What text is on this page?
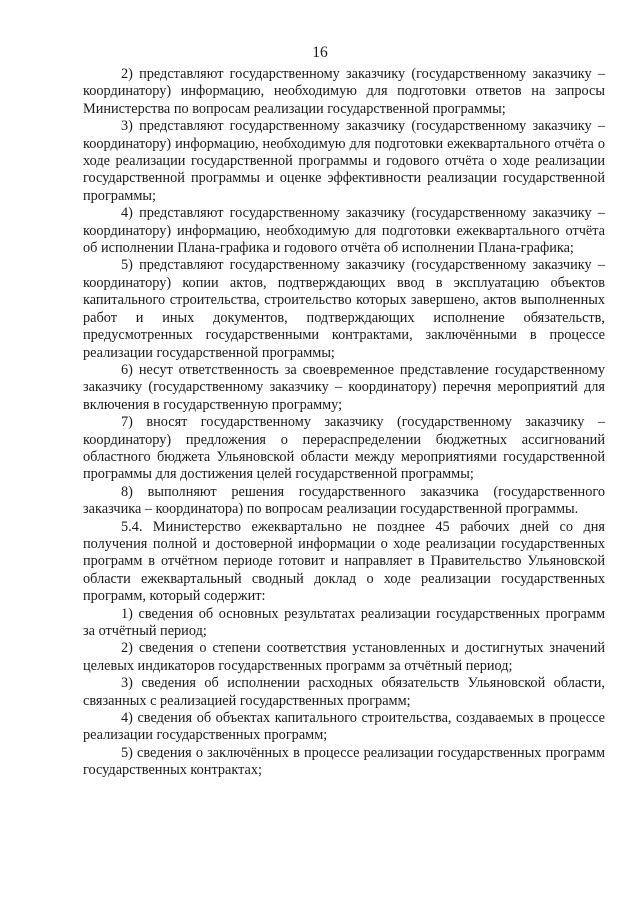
16

2) представляют государственному заказчику (государственному заказчику – координатору) информацию, необходимую для подготовки ответов на запросы Министерства по вопросам реализации государственной программы;

3) представляют государственному заказчику (государственному заказчику – координатору) информацию, необходимую для подготовки ежеквартального отчёта о ходе реализации государственной программы и годового отчёта о ходе реализации государственной программы и оценке эффективности реализации государственной программы;

4) представляют государственному заказчику (государственному заказчику – координатору) информацию, необходимую для подготовки ежеквартального отчёта об исполнении Плана-графика и годового отчёта об исполнении Плана-графика;

5) представляют государственному заказчику (государственному заказчику – координатору) копии актов, подтверждающих ввод в эксплуатацию объектов капитального строительства, строительство которых завершено, актов выполненных работ и иных документов, подтверждающих исполнение обязательств, предусмотренных государственными контрактами, заключёнными в процессе реализации государственной программы;

6) несут ответственность за своевременное представление государственному заказчику (государственному заказчику – координатору) перечня мероприятий для включения в государственную программу;

7) вносят государственному заказчику (государственному заказчику – координатору) предложения о перераспределении бюджетных ассигнований областного бюджета Ульяновской области между мероприятиями государственной программы для достижения целей государственной программы;

8) выполняют решения государственного заказчика (государственного заказчика – координатора) по вопросам реализации государственной программы.

5.4. Министерство ежеквартально не позднее 45 рабочих дней со дня получения полной и достоверной информации о ходе реализации государственных программ в отчётном периоде готовит и направляет в Правительство Ульяновской области ежеквартальный сводный доклад о ходе реализации государственных программ, который содержит:

1) сведения об основных результатах реализации государственных программ за отчётный период;

2) сведения о степени соответствия установленных и достигнутых значений целевых индикаторов государственных программ за отчётный период;

3) сведения об исполнении расходных обязательств Ульяновской области, связанных с реализацией государственных программ;

4) сведения об объектах капитального строительства, создаваемых в процессе реализации государственных программ;

5) сведения о заключённых в процессе реализации государственных программ государственных контрактах;
